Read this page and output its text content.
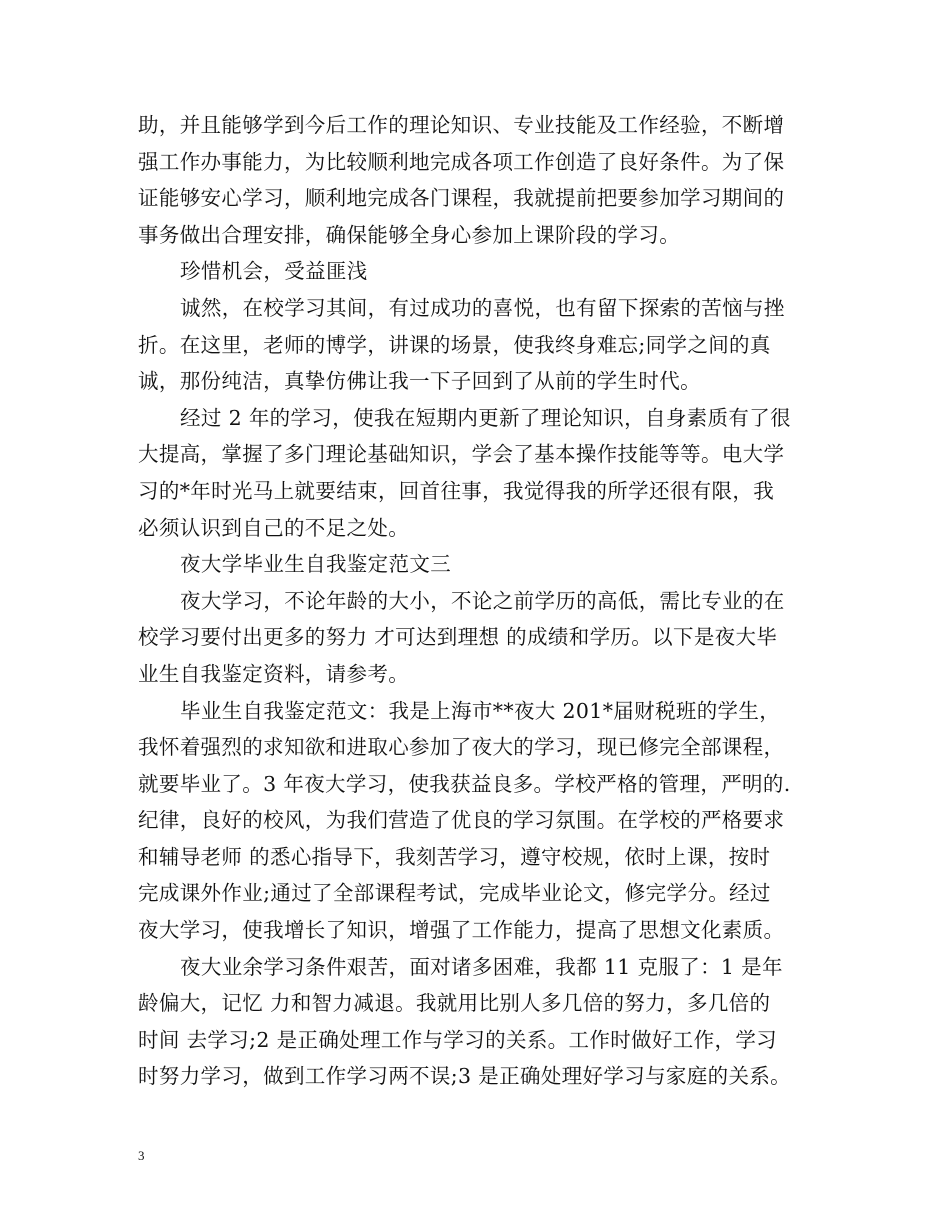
助，并且能够学到今后工作的理论知识、专业技能及工作经验，不断增
强工作办事能力，为比较顺利地完成各项工作创造了良好条件。为了保
证能够安心学习，顺利地完成各门课程，我就提前把要参加学习期间的
事务做出合理安排，确保能够全身心参加上课阶段的学习。
珍惜机会，受益匪浅
诚然，在校学习其间，有过成功的喜悦，也有留下探索的苦恼与挫
折。在这里，老师的博学，讲课的场景，使我终身难忘;同学之间的真
诚，那份纯洁，真挚仿佛让我一下子回到了从前的学生时代。
经过 2 年的学习，使我在短期内更新了理论知识，自身素质有了很
大提高，掌握了多门理论基础知识，学会了基本操作技能等等。电大学
习的*年时光马上就要结束，回首往事，我觉得我的所学还很有限，我
必须认识到自己的不足之处。
夜大学毕业生自我鉴定范文三
夜大学习，不论年龄的大小，不论之前学历的高低，需比专业的在
校学习要付出更多的努力 才可达到理想 的成绩和学历。以下是夜大毕
业生自我鉴定资料，请参考。
毕业生自我鉴定范文：我是上海市**夜大 201*届财税班的学生，
我怀着强烈的求知欲和进取心参加了夜大的学习，现已修完全部课程，
就要毕业了。3 年夜大学习，使我获益良多。学校严格的管理，严明的.
纪律，良好的校风，为我们营造了优良的学习氛围。在学校的严格要求
和辅导老师 的悉心指导下，我刻苦学习，遵守校规，依时上课，按时
完成课外作业;通过了全部课程考试，完成毕业论文，修完学分。经过
夜大学习，使我增长了知识，增强了工作能力，提高了思想文化素质。
夜大业余学习条件艰苦，面对诸多困难，我都 11 克服了：1 是年
龄偏大，记忆 力和智力减退。我就用比别人多几倍的努力，多几倍的
时间 去学习;2 是正确处理工作与学习的关系。工作时做好工作，学习
时努力学习，做到工作学习两不误;3 是正确处理好学习与家庭的关系。
3
